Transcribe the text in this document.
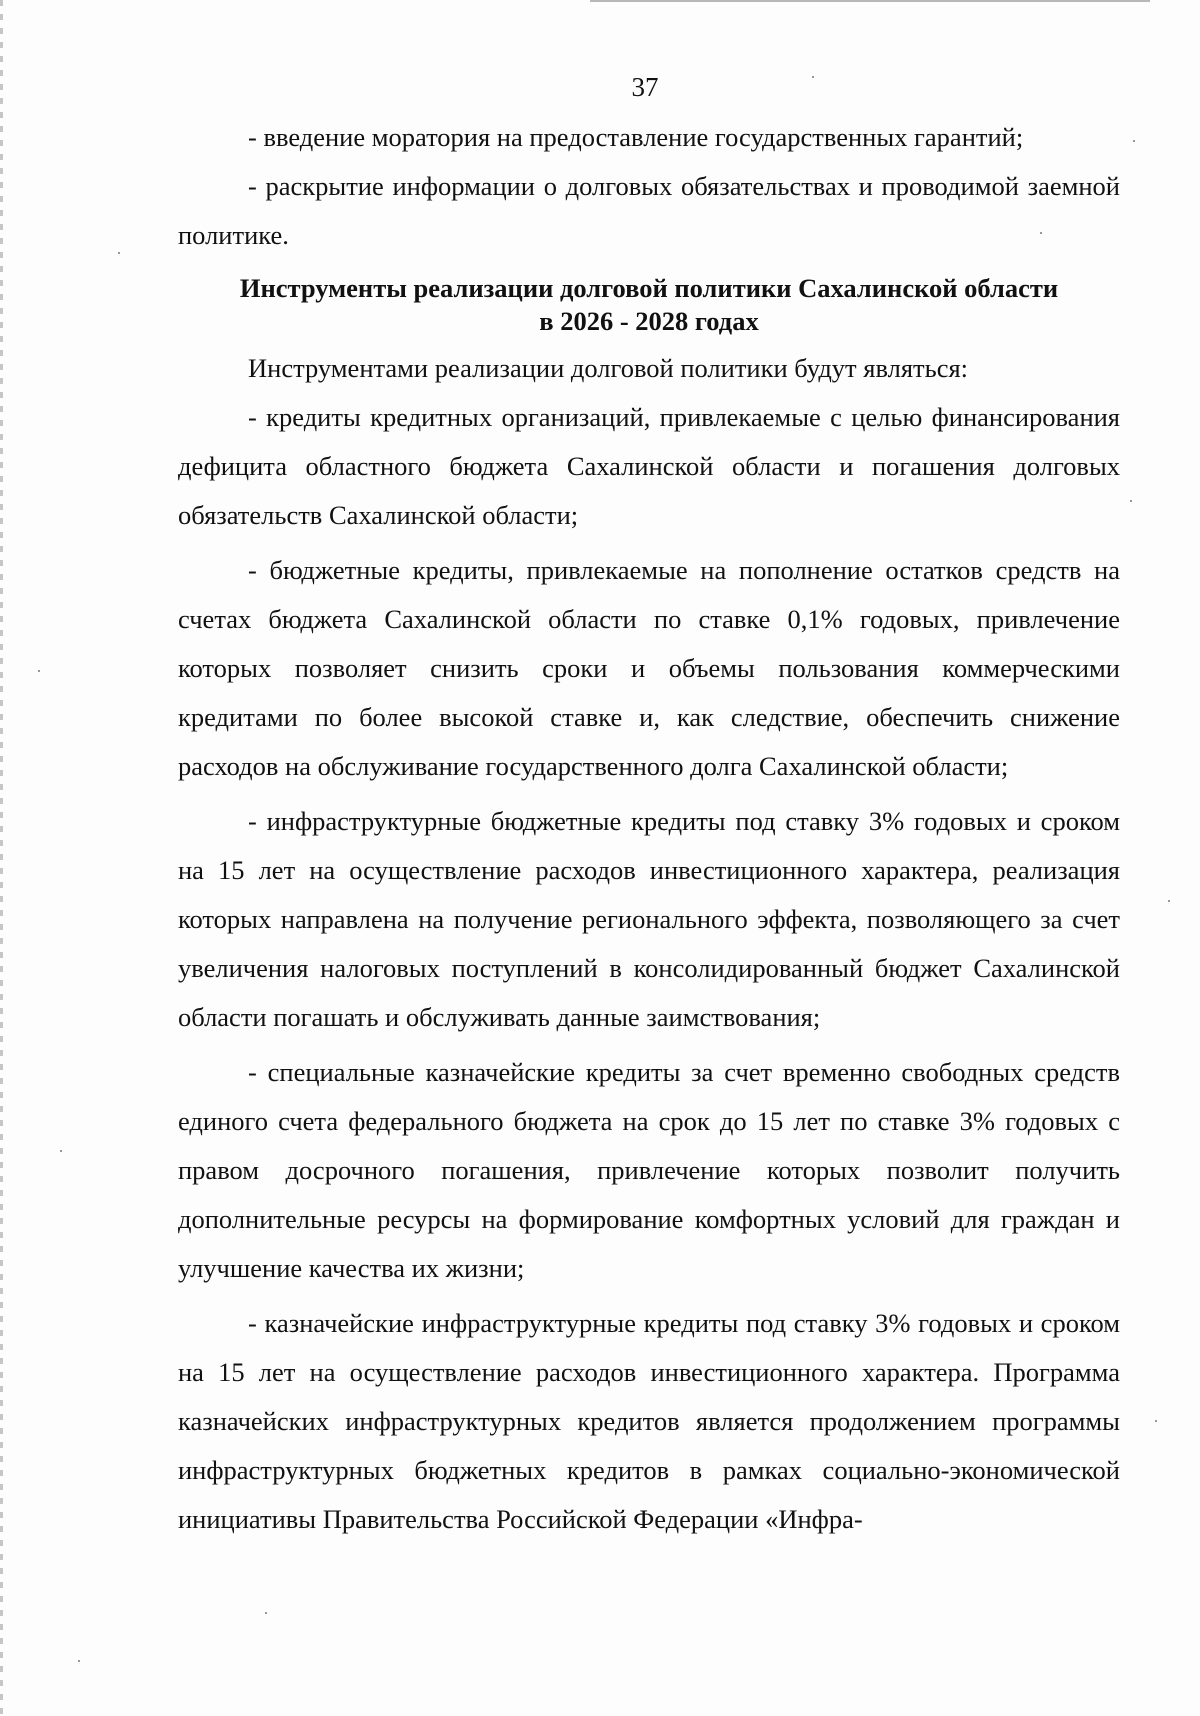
37

- введение моратория на предоставление государственных гарантий;

- раскрытие информации о долговых обязательствах и проводимой заемной политике.

Инструменты реализации долговой политики Сахалинской области
в 2026 - 2028 годах

Инструментами реализации долговой политики будут являться:

- кредиты кредитных организаций, привлекаемые с целью финансирования дефицита областного бюджета Сахалинской области и погашения долговых обязательств Сахалинской области;

- бюджетные кредиты, привлекаемые на пополнение остатков средств на счетах бюджета Сахалинской области по ставке 0,1% годовых, привлечение которых позволяет снизить сроки и объемы пользования коммерческими кредитами по более высокой ставке и, как следствие, обеспечить снижение расходов на обслуживание государственного долга Сахалинской области;

- инфраструктурные бюджетные кредиты под ставку 3% годовых и сроком на 15 лет на осуществление расходов инвестиционного характера, реализация которых направлена на получение регионального эффекта, позволяющего за счет увеличения налоговых поступлений в консолидированный бюджет Сахалинской области погашать и обслуживать данные заимствования;

- специальные казначейские кредиты за счет временно свободных средств единого счета федерального бюджета на срок до 15 лет по ставке 3% годовых с правом досрочного погашения, привлечение которых позволит получить дополнительные ресурсы на формирование комфортных условий для граждан и улучшение качества их жизни;

- казначейские инфраструктурные кредиты под ставку 3% годовых и сроком на 15 лет на осуществление расходов инвестиционного характера. Программа казначейских инфраструктурных кредитов является продолжением программы инфраструктурных бюджетных кредитов в рамках социально-экономической инициативы Правительства Российской Федерации «Инфра-
